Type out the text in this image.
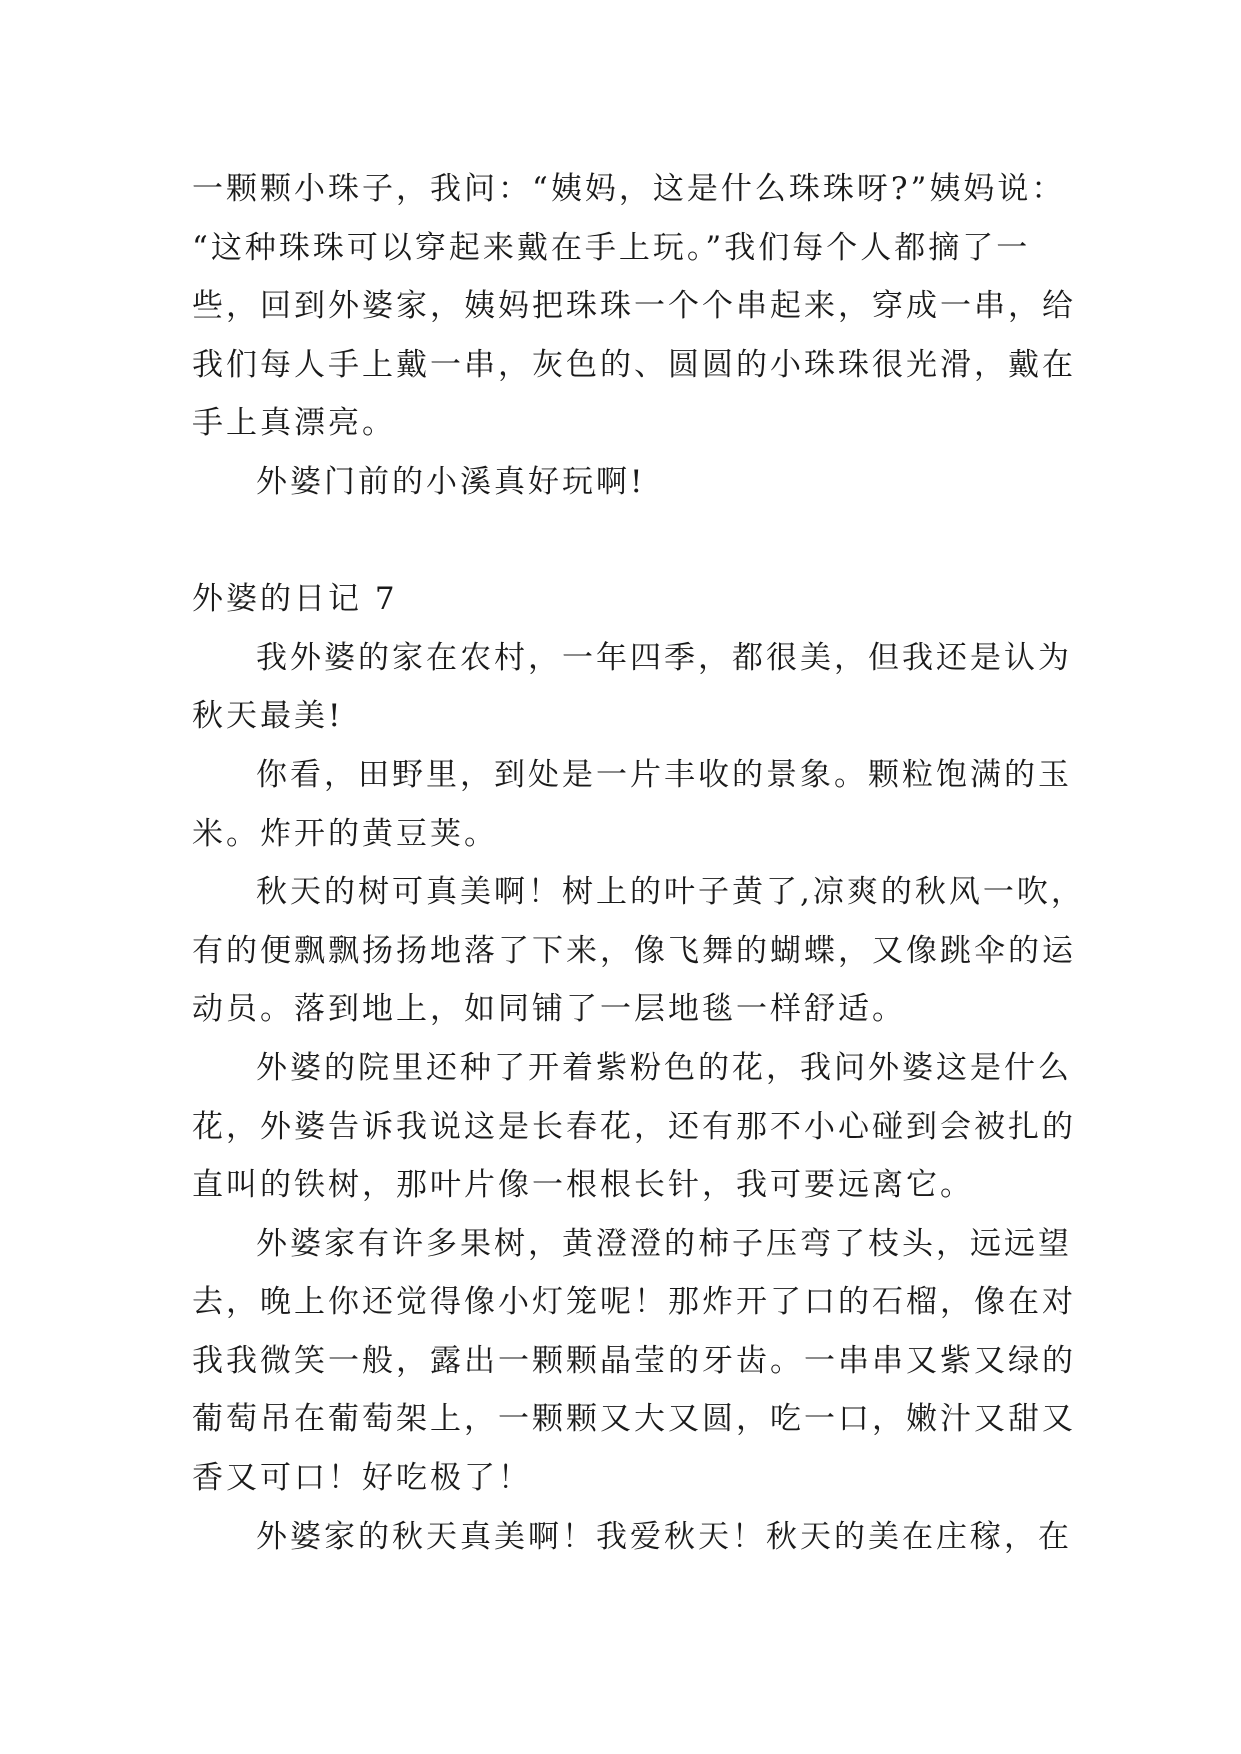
一颗颗小珠子，我问：“姨妈，这是什么珠珠呀?”姨妈说：
“这种珠珠可以穿起来戴在手上玩。”我们每个人都摘了一
些，回到外婆家，姨妈把珠珠一个个串起来，穿成一串，给
我们每人手上戴一串，灰色的、圆圆的小珠珠很光滑，戴在
手上真漂亮。
外婆门前的小溪真好玩啊!
外婆的日记 7
我外婆的家在农村，一年四季，都很美，但我还是认为
秋天最美!
你看，田野里，到处是一片丰收的景象。颗粒饱满的玉
米。炸开的黄豆荚。
秋天的树可真美啊！树上的叶子黄了,凉爽的秋风一吹，
有的便飘飘扬扬地落了下来，像飞舞的蝴蝶，又像跳伞的运
动员。落到地上，如同铺了一层地毯一样舒适。
外婆的院里还种了开着紫粉色的花，我问外婆这是什么
花，外婆告诉我说这是长春花，还有那不小心碰到会被扎的
直叫的铁树，那叶片像一根根长针，我可要远离它。
外婆家有许多果树，黄澄澄的柿子压弯了枝头，远远望
去，晚上你还觉得像小灯笼呢！那炸开了口的石榴，像在对
我我微笑一般，露出一颗颗晶莹的牙齿。一串串又紫又绿的
葡萄吊在葡萄架上，一颗颗又大又圆，吃一口，嫩汁又甜又
香又可口！好吃极了！
外婆家的秋天真美啊！我爱秋天！秋天的美在庄稼，在
